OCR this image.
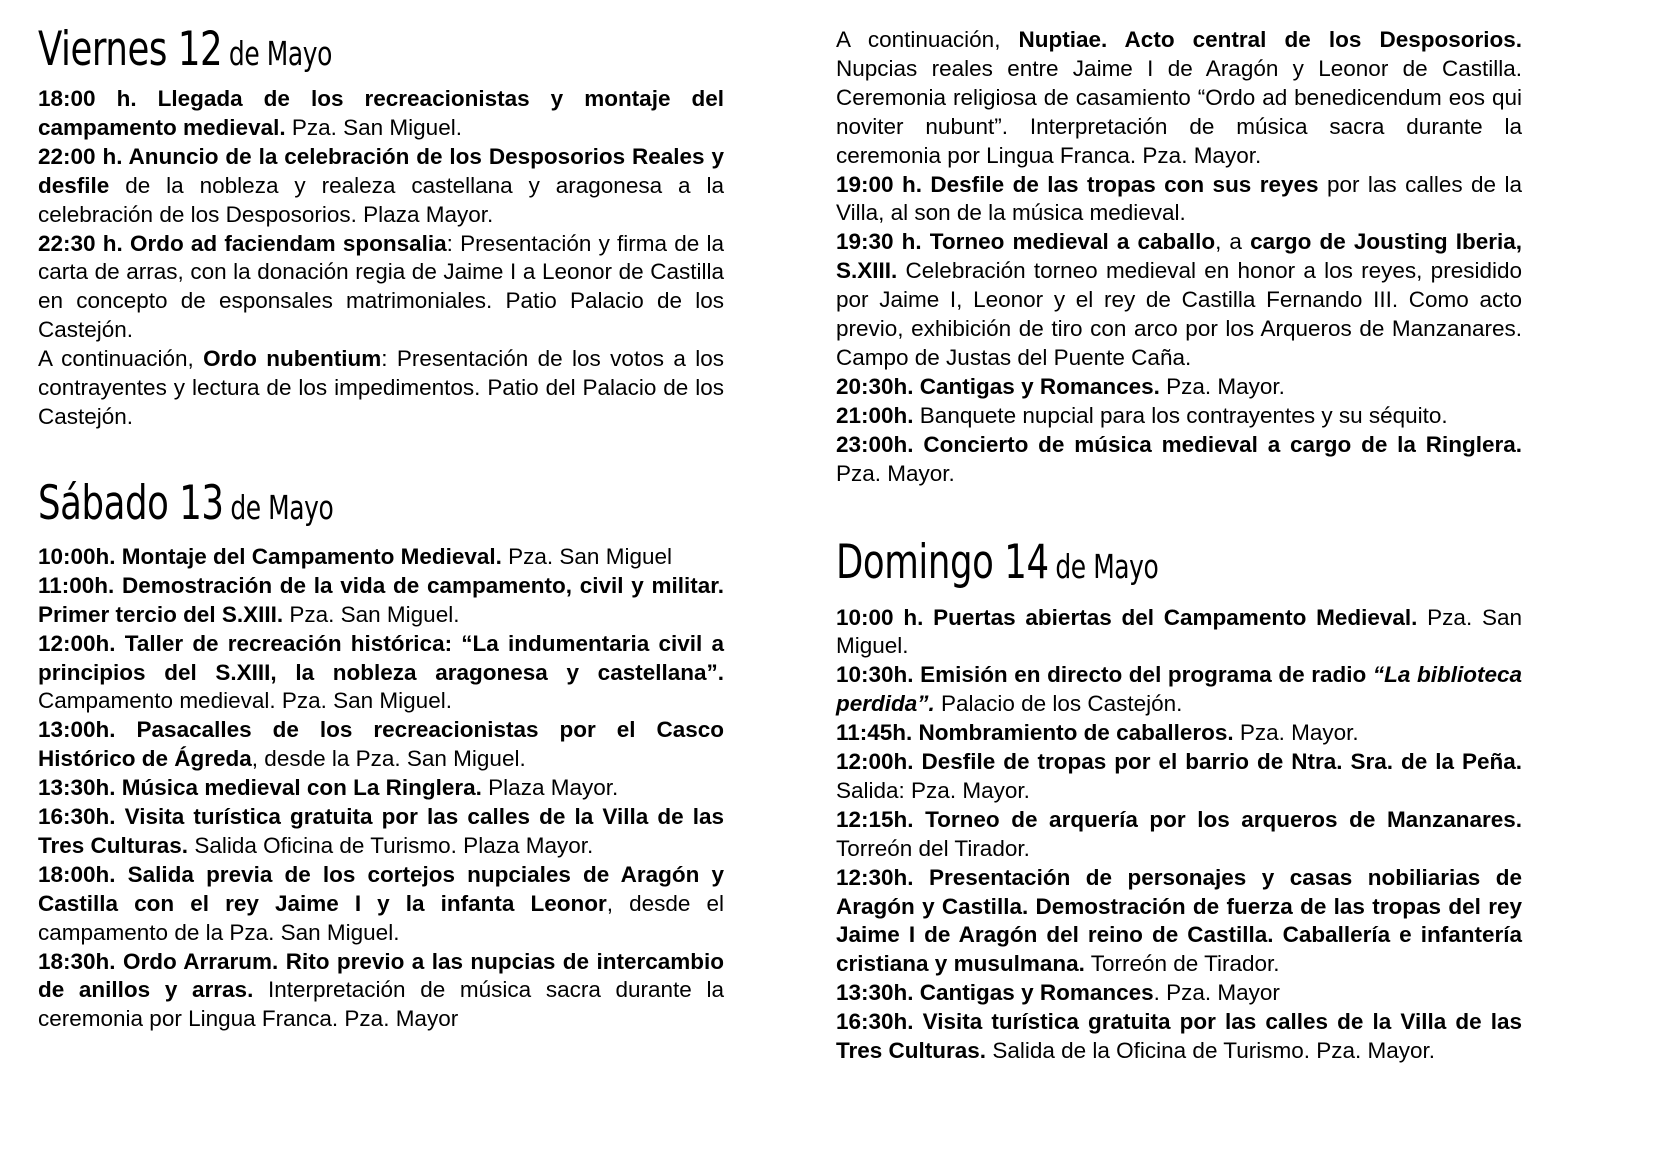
Viernes 12 de Mayo

18:00 h. Llegada de los recreacionistas y montaje del campamento medieval. Pza. San Miguel.

22:00 h. Anuncio de la celebración de los Desposorios Reales y desfile de la nobleza y realeza castellana y aragonesa a la celebración de los Desposorios. Plaza Mayor.

22:30 h. Ordo ad faciendam sponsalia: Presentación y firma de la carta de arras, con la donación regia de Jaime I a Leonor de Castilla en concepto de esponsales matrimoniales. Patio Palacio de los Castejón.

A continuación, Ordo nubentium: Presentación de los votos a los contrayentes y lectura de los impedimentos. Patio del Palacio de los Castejón.

Sábado 13 de Mayo

10:00h. Montaje del Campamento Medieval. Pza. San Miguel

11:00h. Demostración de la vida de campamento, civil y militar. Primer tercio del S.XIII. Pza. San Miguel.

12:00h. Taller de recreación histórica: “La indumentaria civil a principios del S.XIII, la nobleza aragonesa y castellana”. Campamento medieval. Pza. San Miguel.

13:00h. Pasacalles de los recreacionistas por el Casco Histórico de Ágreda, desde la Pza. San Miguel.

13:30h. Música medieval con La Ringlera. Plaza Mayor.

16:30h. Visita turística gratuita por las calles de la Villa de las Tres Culturas. Salida Oficina de Turismo. Plaza Mayor.

18:00h. Salida previa de los cortejos nupciales de Aragón y Castilla con el rey Jaime I y la infanta Leonor, desde el campamento de la Pza. San Miguel.

18:30h. Ordo Arrarum. Rito previo a las nupcias de intercambio de anillos y arras. Interpretación de música sacra durante la ceremonia por Lingua Franca. Pza. Mayor

A continuación, Nuptiae. Acto central de los Desposorios. Nupcias reales entre Jaime I de Aragón y Leonor de Castilla. Ceremonia religiosa de casamiento “Ordo ad benedicendum eos qui noviter nubunt”. Interpretación de música sacra durante la ceremonia por Lingua Franca. Pza. Mayor.

19:00 h. Desfile de las tropas con sus reyes por las calles de la Villa, al son de la música medieval.

19:30 h. Torneo medieval a caballo, a cargo de Jousting Iberia, S.XIII. Celebración torneo medieval en honor a los reyes, presidido por Jaime I, Leonor y el rey de Castilla Fernando III. Como acto previo, exhibición de tiro con arco por los Arqueros de Manzanares. Campo de Justas del Puente Caña.

20:30h. Cantigas y Romances. Pza. Mayor.

21:00h. Banquete nupcial para los contrayentes y su séquito.

23:00h. Concierto de música medieval a cargo de la Ringlera. Pza. Mayor.

Domingo 14 de Mayo

10:00 h. Puertas abiertas del Campamento Medieval. Pza. San Miguel.

10:30h. Emisión en directo del programa de radio “La biblioteca perdida”. Palacio de los Castejón.

11:45h. Nombramiento de caballeros. Pza. Mayor.

12:00h. Desfile de tropas por el barrio de Ntra. Sra. de la Peña. Salida: Pza. Mayor.

12:15h. Torneo de arquería por los arqueros de Manzanares. Torreón del Tirador.

12:30h. Presentación de personajes y casas nobiliarias de Aragón y Castilla. Demostración de fuerza de las tropas del rey Jaime I de Aragón del reino de Castilla. Caballería e infantería cristiana y musulmana. Torreón de Tirador.

13:30h. Cantigas y Romances. Pza. Mayor

16:30h. Visita turística gratuita por las calles de la Villa de las Tres Culturas. Salida de la Oficina de Turismo. Pza. Mayor.
